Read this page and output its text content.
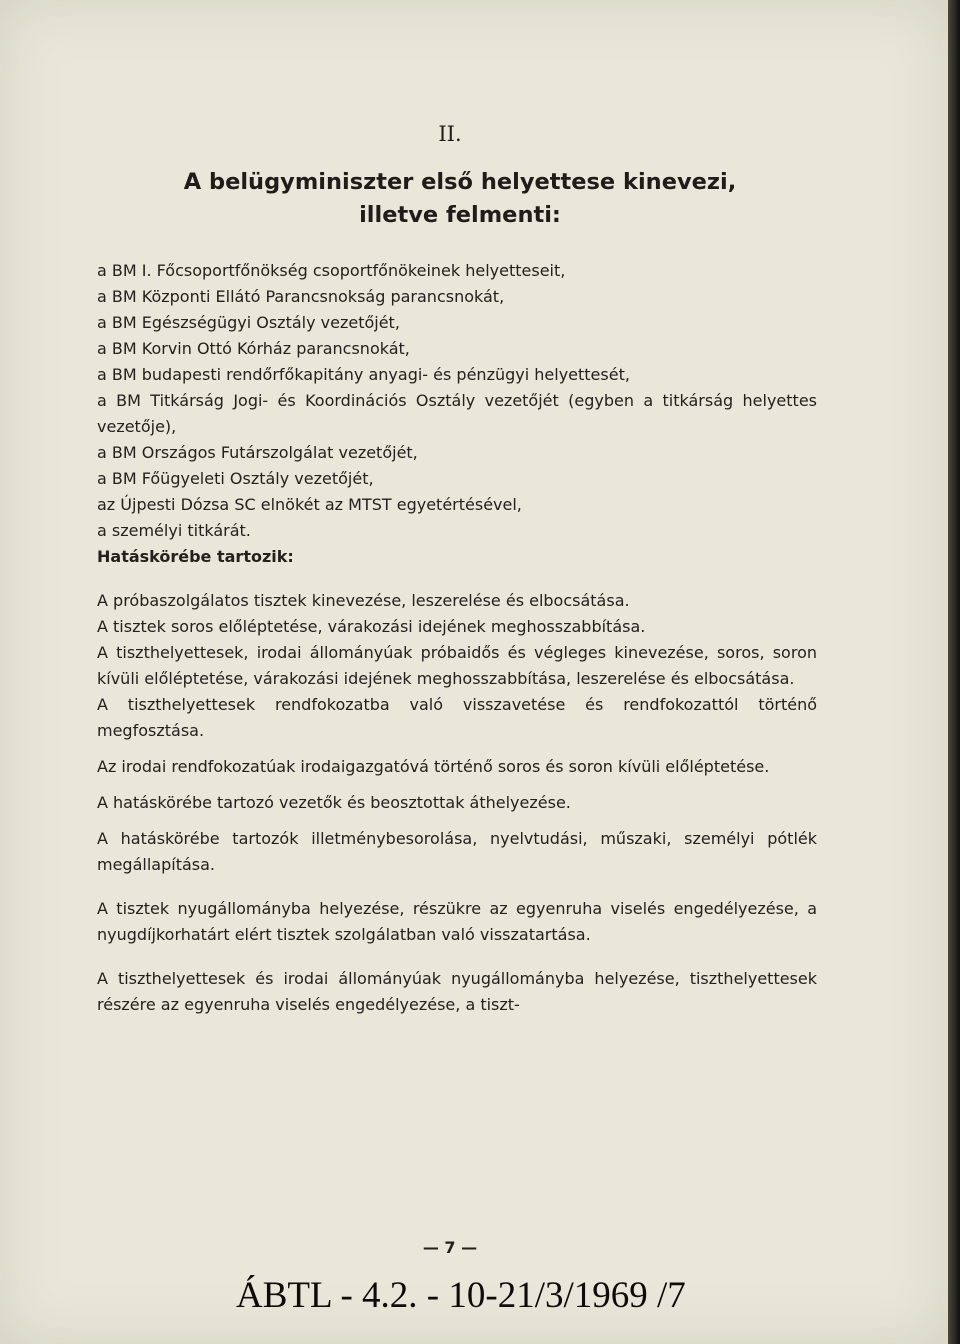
II.
A belügyminiszter első helyettese kinevezi,
illetve felmenti:

a BM I. Főcsoportfőnökség csoportfőnökeinek helyetteseit,

a BM Központi Ellátó Parancsnokság parancsnokát,

a BM Egészségügyi Osztály vezetőjét,

a BM Korvin Ottó Kórház parancsnokát,

a BM budapesti rendőrfőkapitány anyagi- és pénzügyi helyettesét,

a BM Titkárság Jogi- és Koordinációs Osztály vezetőjét (egyben a titkárság helyettes vezetője),

a BM Országos Futárszolgálat vezetőjét,

a BM Főügyeleti Osztály vezetőjét,

az Újpesti Dózsa SC elnökét az MTST egyetértésével,

a személyi titkárát.

Hatáskörébe tartozik:

A próbaszolgálatos tisztek kinevezése, leszerelése és elbocsátása.

A tisztek soros előléptetése, várakozási idejének meghosszabbítása.

A tiszthelyettesek, irodai állományúak próbaidős és végleges kinevezése, soros, soron kívüli előléptetése, várakozási idejének meghosszabbítása, leszerelése és elbocsátása.

A tiszthelyettesek rendfokozatba való visszavetése és rendfokozattól történő megfosztása.

Az irodai rendfokozatúak irodaigazgatóvá történő soros és soron kívüli előléptetése.

A hatáskörébe tartozó vezetők és beosztottak áthelyezése.

A hatáskörébe tartozók illetménybesorolása, nyelvtudási, műszaki, személyi pótlék megállapítása.

A tisztek nyugállományba helyezése, részükre az egyenruha viselés engedélyezése, a nyugdíjkorhatárt elért tisztek szolgálatban való visszatartása.

A tiszthelyettesek és irodai állományúak nyugállományba helyezése, tiszthelyettesek részére az egyenruha viselés engedélyezése, a tiszt-

— 7 —
ÁBTL - 4.2. - 10-21/3/1969 /7
